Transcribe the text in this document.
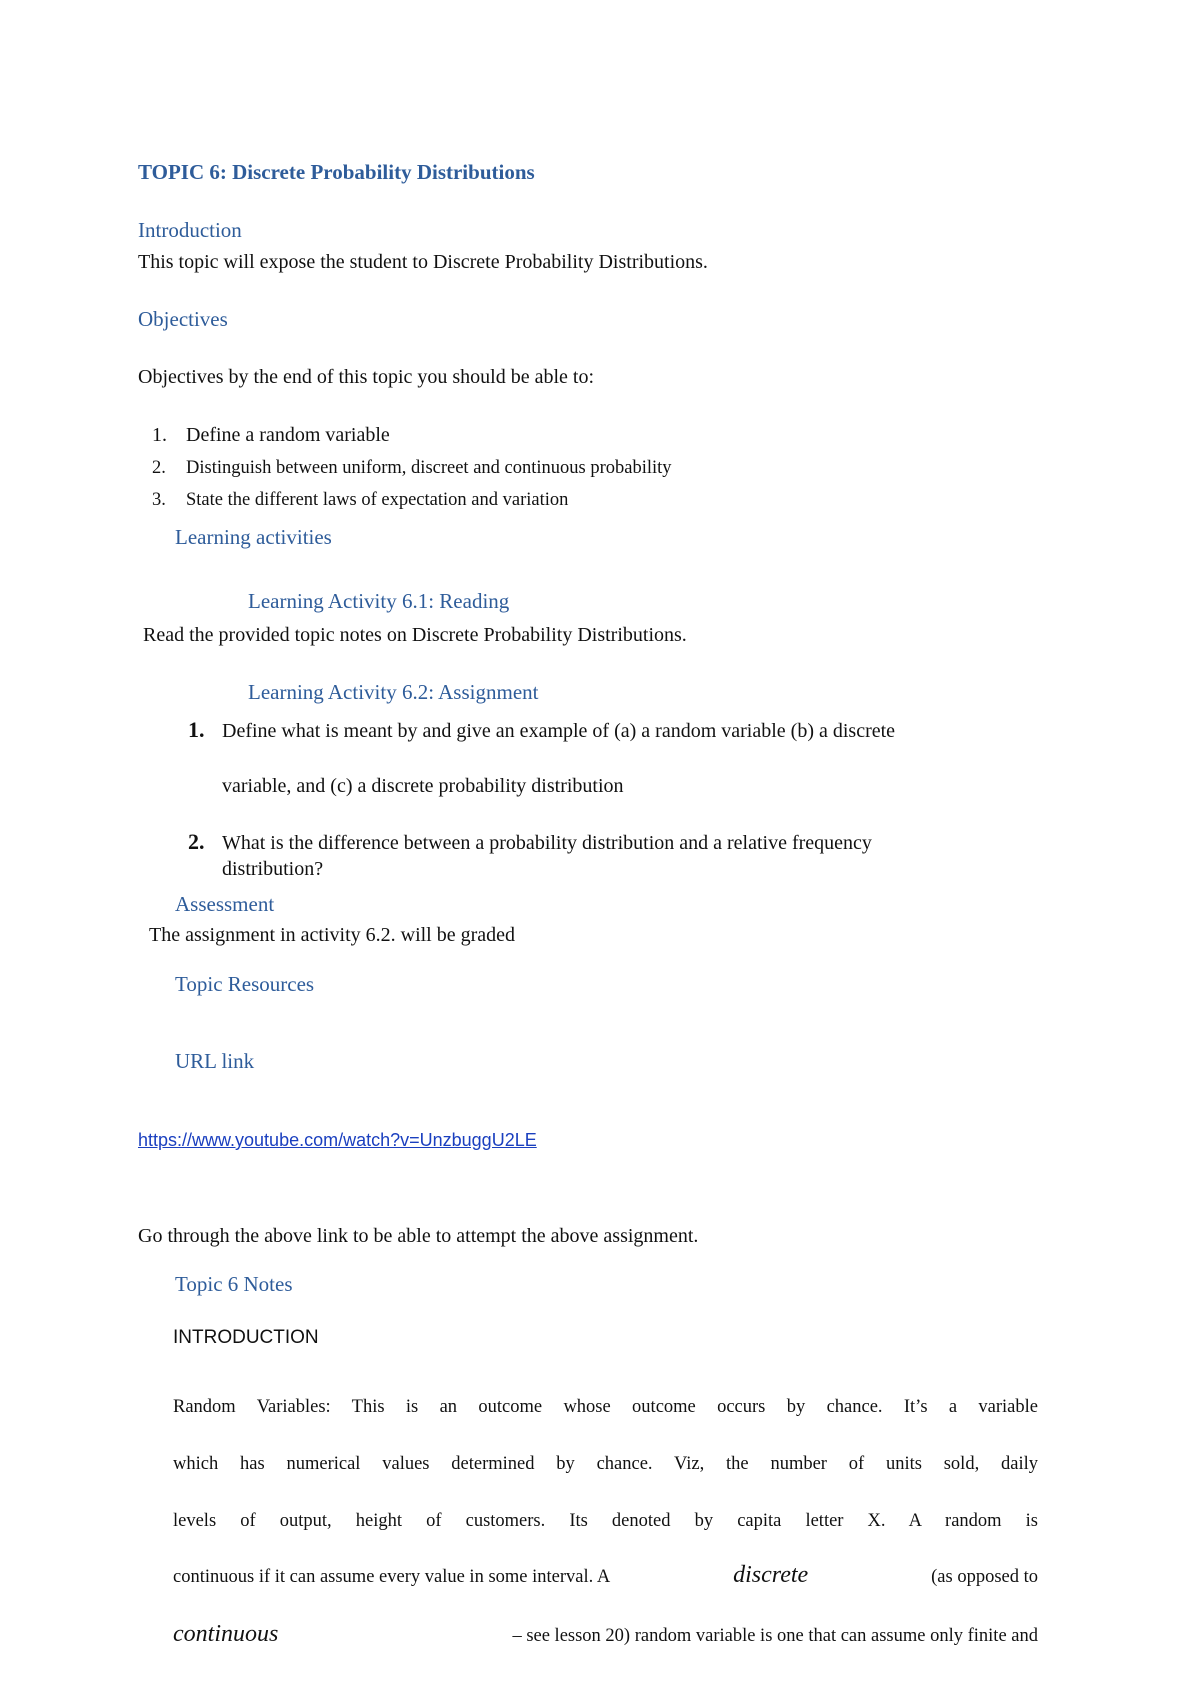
TOPIC 6: Discrete Probability Distributions
Introduction
This topic will expose the student to Discrete Probability Distributions.
Objectives
Objectives by the end of this topic you should be able to:
1. Define a random variable
2. Distinguish between uniform, discreet and continuous probability
3. State the different laws of expectation and variation
Learning activities
Learning Activity 6.1: Reading
Read the provided topic notes on Discrete Probability Distributions.
Learning Activity 6.2: Assignment
1. Define what is meant by and give an example of (a) a random variable (b) a discrete
variable, and (c) a discrete probability distribution
2. What is the difference between a probability distribution and a relative frequency
distribution?
Assessment
The assignment in activity 6.2. will be graded
Topic Resources
URL link
https://www.youtube.com/watch?v=UnzbuggU2LE
Go through the above link to be able to attempt the above assignment.
Topic 6 Notes
INTRODUCTION
Random Variables: This is an outcome whose outcome occurs by chance. It’s a variable
which has numerical values determined by chance. Viz, the number of units sold, daily
levels of output, height of customers. Its denoted by capita letter X. A random is
continuous if it can assume every value in some interval. A	discrete	(as opposed to
continuous	– see lesson 20) random variable is one that can assume only finite and
